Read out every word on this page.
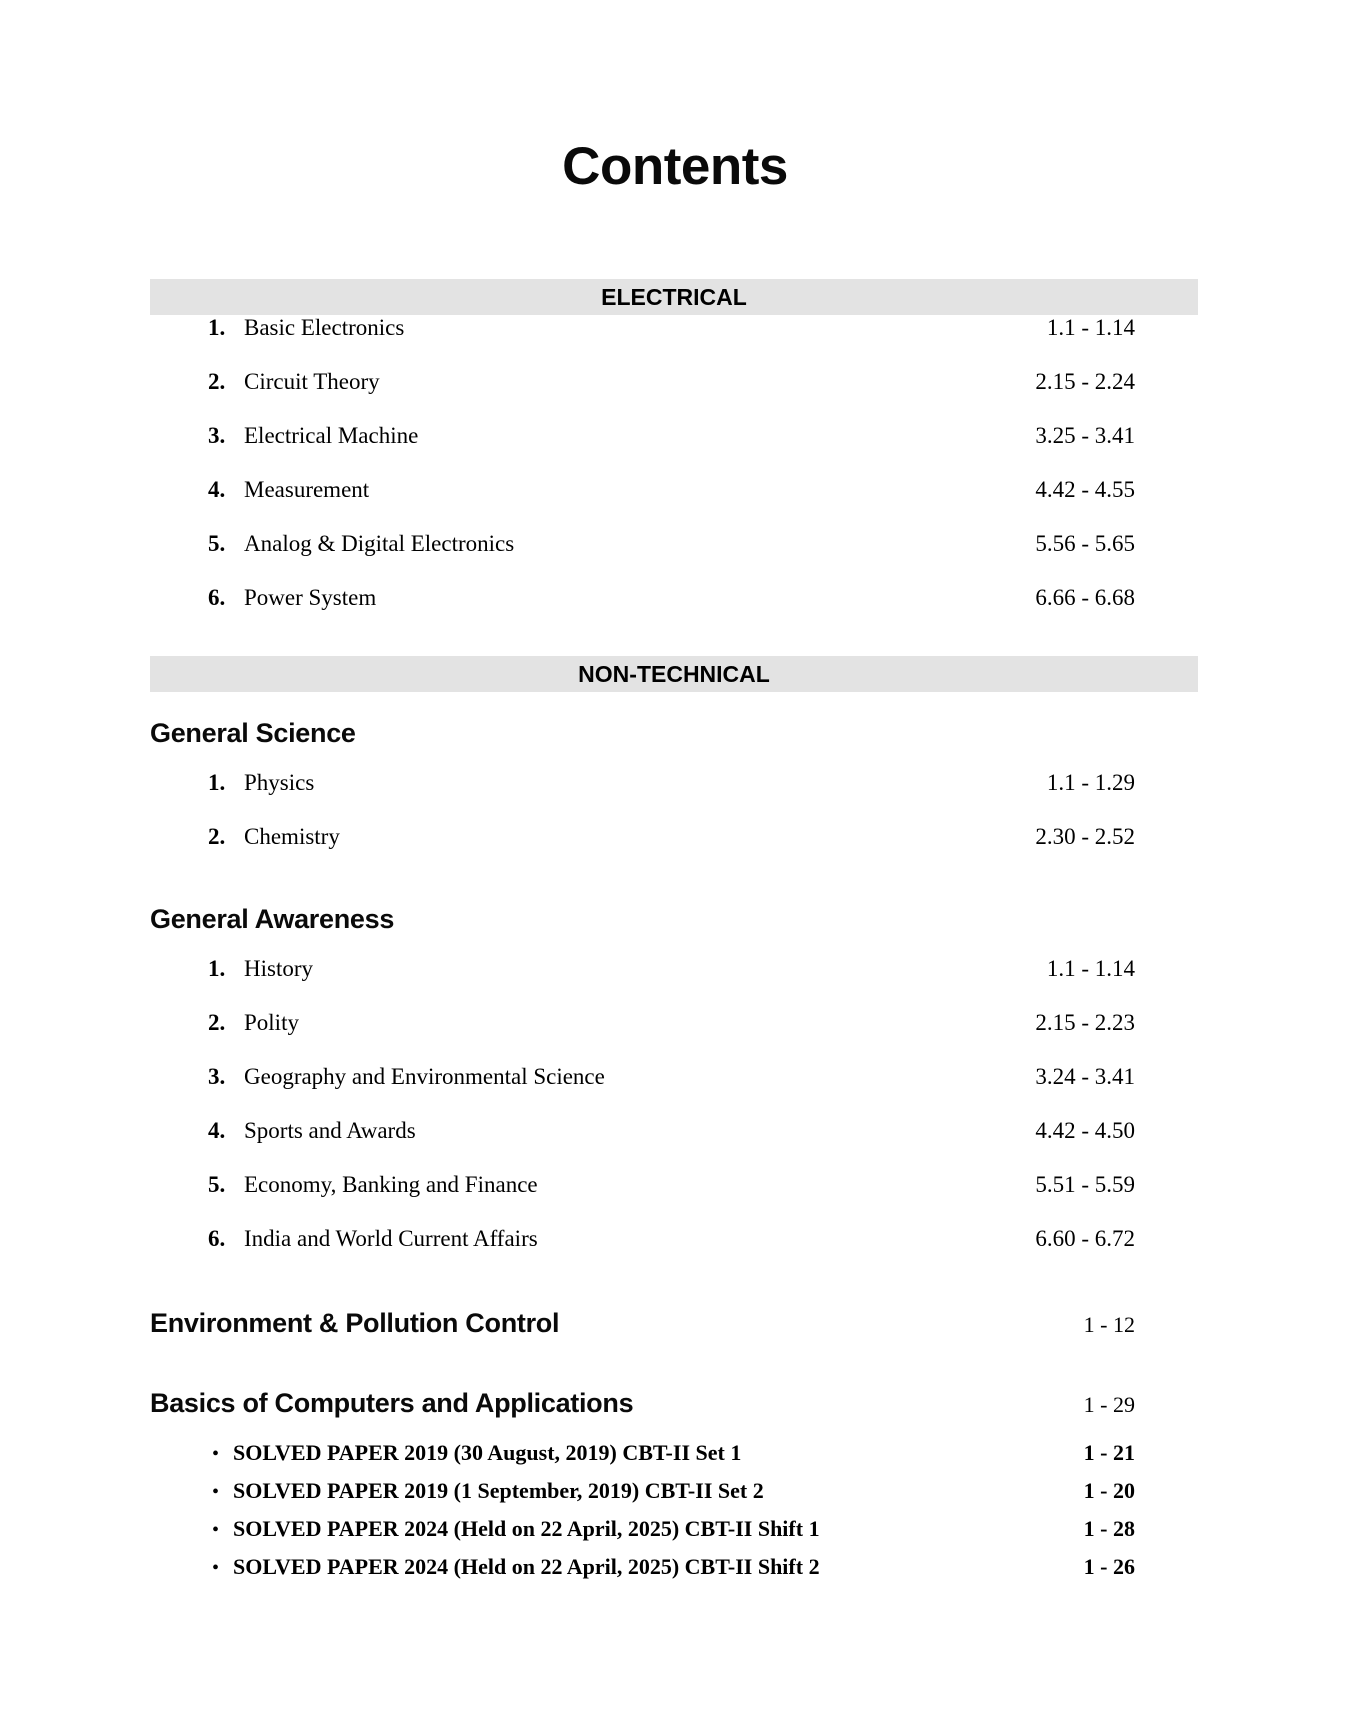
Contents
ELECTRICAL
1. Basic Electronics	1.1 - 1.14
2. Circuit Theory	2.15 - 2.24
3. Electrical Machine	3.25 - 3.41
4. Measurement	4.42 - 4.55
5. Analog & Digital Electronics	5.56 - 5.65
6. Power System	6.66 - 6.68
NON-TECHNICAL
General Science
1. Physics	1.1 - 1.29
2. Chemistry	2.30 - 2.52
General Awareness
1. History	1.1 - 1.14
2. Polity	2.15 - 2.23
3. Geography and Environmental Science	3.24 - 3.41
4. Sports and Awards	4.42 - 4.50
5. Economy, Banking and Finance	5.51 - 5.59
6. India and World Current Affairs	6.60 - 6.72
Environment & Pollution Control	1 - 12
Basics of Computers and Applications	1 - 29
• SOLVED PAPER 2019 (30 August, 2019) CBT-II Set 1	1 - 21
• SOLVED PAPER 2019 (1 September, 2019) CBT-II Set 2	1 - 20
• SOLVED PAPER 2024 (Held on 22 April, 2025) CBT-II Shift 1	1 - 28
• SOLVED PAPER 2024 (Held on 22 April, 2025) CBT-II Shift 2	1 - 26
